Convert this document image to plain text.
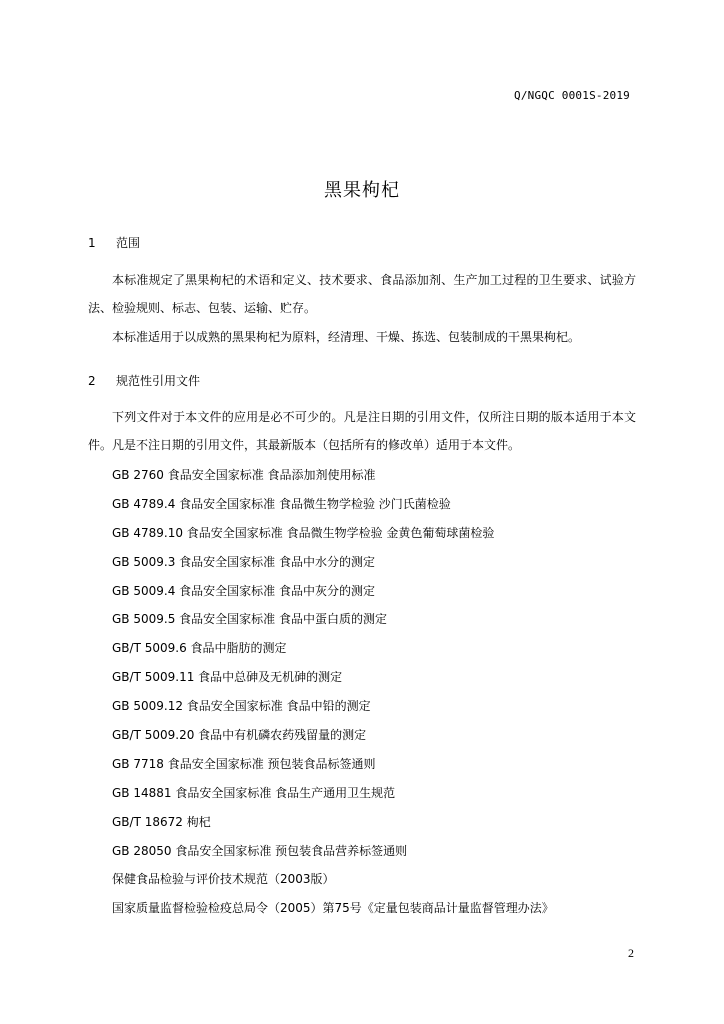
Q/NGQC 0001S-2019
黑果枸杞
1 范围
本标准规定了黑果枸杞的术语和定义、技术要求、食品添加剂、生产加工过程的卫生要求、试验方法、检验规则、标志、包装、运输、贮存。
本标准适用于以成熟的黑果枸杞为原料，经清理、干燥、拣选、包装制成的干黑果枸杞。
2 规范性引用文件
下列文件对于本文件的应用是必不可少的。凡是注日期的引用文件，仅所注日期的版本适用于本文件。凡是不注日期的引用文件，其最新版本（包括所有的修改单）适用于本文件。
GB 2760 食品安全国家标准 食品添加剂使用标准
GB 4789.4 食品安全国家标准 食品微生物学检验 沙门氏菌检验
GB 4789.10 食品安全国家标准 食品微生物学检验 金黄色葡萄球菌检验
GB 5009.3 食品安全国家标准 食品中水分的测定
GB 5009.4 食品安全国家标准 食品中灰分的测定
GB 5009.5 食品安全国家标准 食品中蛋白质的测定
GB/T 5009.6 食品中脂肪的测定
GB/T 5009.11 食品中总砷及无机砷的测定
GB 5009.12 食品安全国家标准 食品中铅的测定
GB/T 5009.20 食品中有机磷农药残留量的测定
GB 7718 食品安全国家标准 预包装食品标签通则
GB 14881 食品安全国家标准 食品生产通用卫生规范
GB/T 18672 枸杞
GB 28050 食品安全国家标准 预包装食品营养标签通则
保健食品检验与评价技术规范（2003版）
国家质量监督检验检疫总局令（2005）第75号《定量包装商品计量监督管理办法》
2
